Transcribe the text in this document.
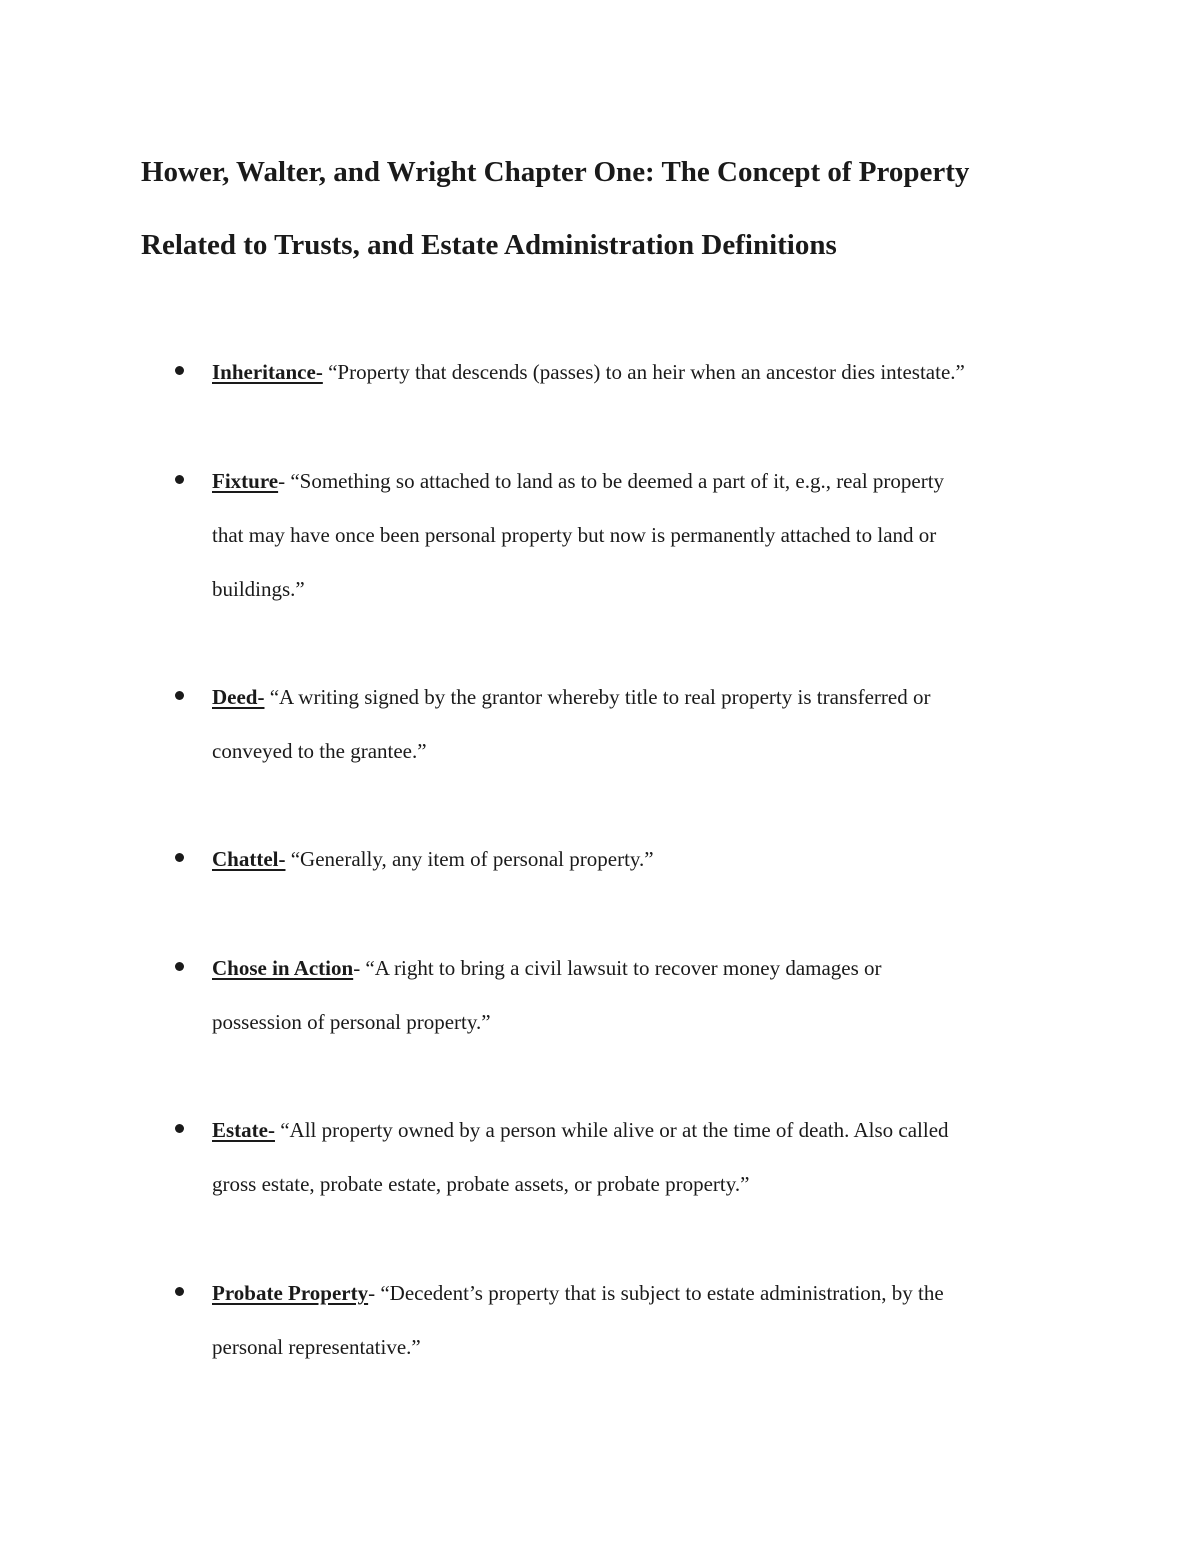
Hower, Walter, and Wright Chapter One: The Concept of Property
Related to Trusts, and Estate Administration Definitions
Inheritance- “Property that descends (passes) to an heir when an ancestor dies intestate.”
Fixture- “Something so attached to land as to be deemed a part of it, e.g., real property
that may have once been personal property but now is permanently attached to land or
buildings.”
Deed- “A writing signed by the grantor whereby title to real property is transferred or
conveyed to the grantee.”
Chattel- “Generally, any item of personal property.”
Chose in Action- “A right to bring a civil lawsuit to recover money damages or
possession of personal property.”
Estate- “All property owned by a person while alive or at the time of death. Also called
gross estate, probate estate, probate assets, or probate property.”
Probate Property- “Decedent’s property that is subject to estate administration, by the
personal representative.”
